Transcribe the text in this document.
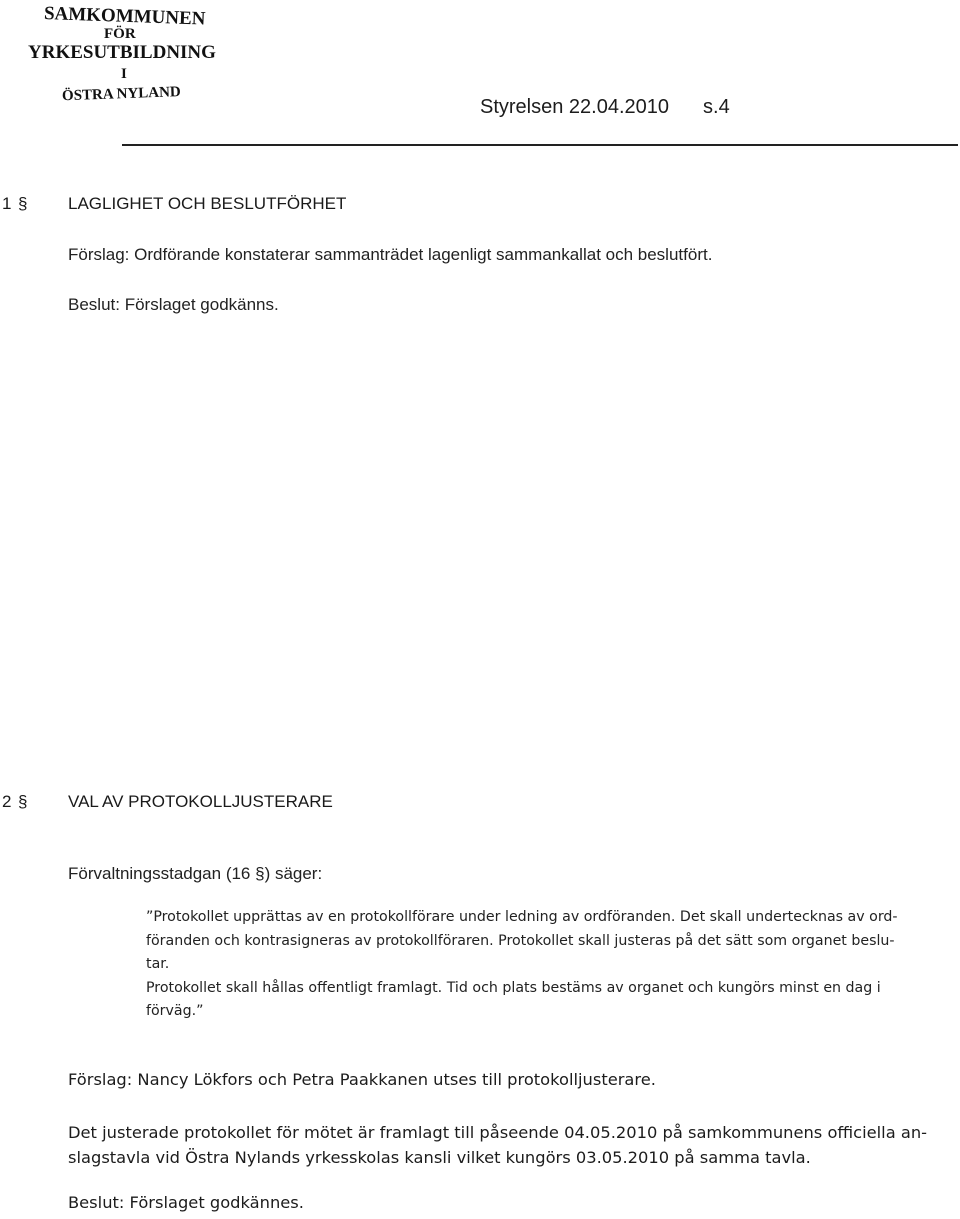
SAMKOMMUNEN
FÖR
YRKESUTBILDNING
I
ÖSTRA NYLAND
Styrelsen 22.04.2010 s.4
1 § LAGLIGHET OCH BESLUTFÖRHET
Förslag: Ordförande konstaterar sammanträdet lagenligt sammankallat och beslutfört.
Beslut: Förslaget godkänns.
2 § VAL AV PROTOKOLLJUSTERARE
Förvaltningsstadgan (16 §) säger:
”Protokollet upprättas av en protokollförare under ledning av ordföranden. Det skall undertecknas av ord-
föranden och kontrasigneras av protokollföraren. Protokollet skall justeras på det sätt som organet beslu-
tar.
Protokollet skall hållas offentligt framlagt. Tid och plats bestäms av organet och kungörs minst en dag i
förväg.”
Förslag: Nancy Lökfors och Petra Paakkanen utses till protokolljusterare.
Det justerade protokollet för mötet är framlagt till påseende 04.05.2010 på samkommunens officiella an-
slagstavla vid Östra Nylands yrkesskolas kansli vilket kungörs 03.05.2010 på samma tavla.
Beslut: Förslaget godkännes.
